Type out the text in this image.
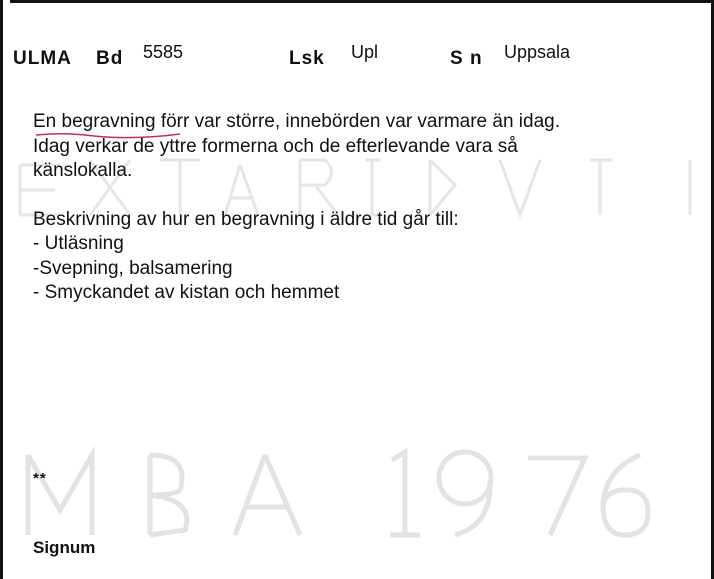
ULMA Bd 5585	Lsk Upl	S n Uppsala

En begravning förr var större, innebörden var varmare än idag.

Idag verkar de yttre formerna och de efterlevande vara så

känslokalla.

Beskrivning av hur en begravning i äldre tid går till:

- Utläsning

-Svepning, balsamering

- Smyckandet av kistan och hemmet

**
Signum
